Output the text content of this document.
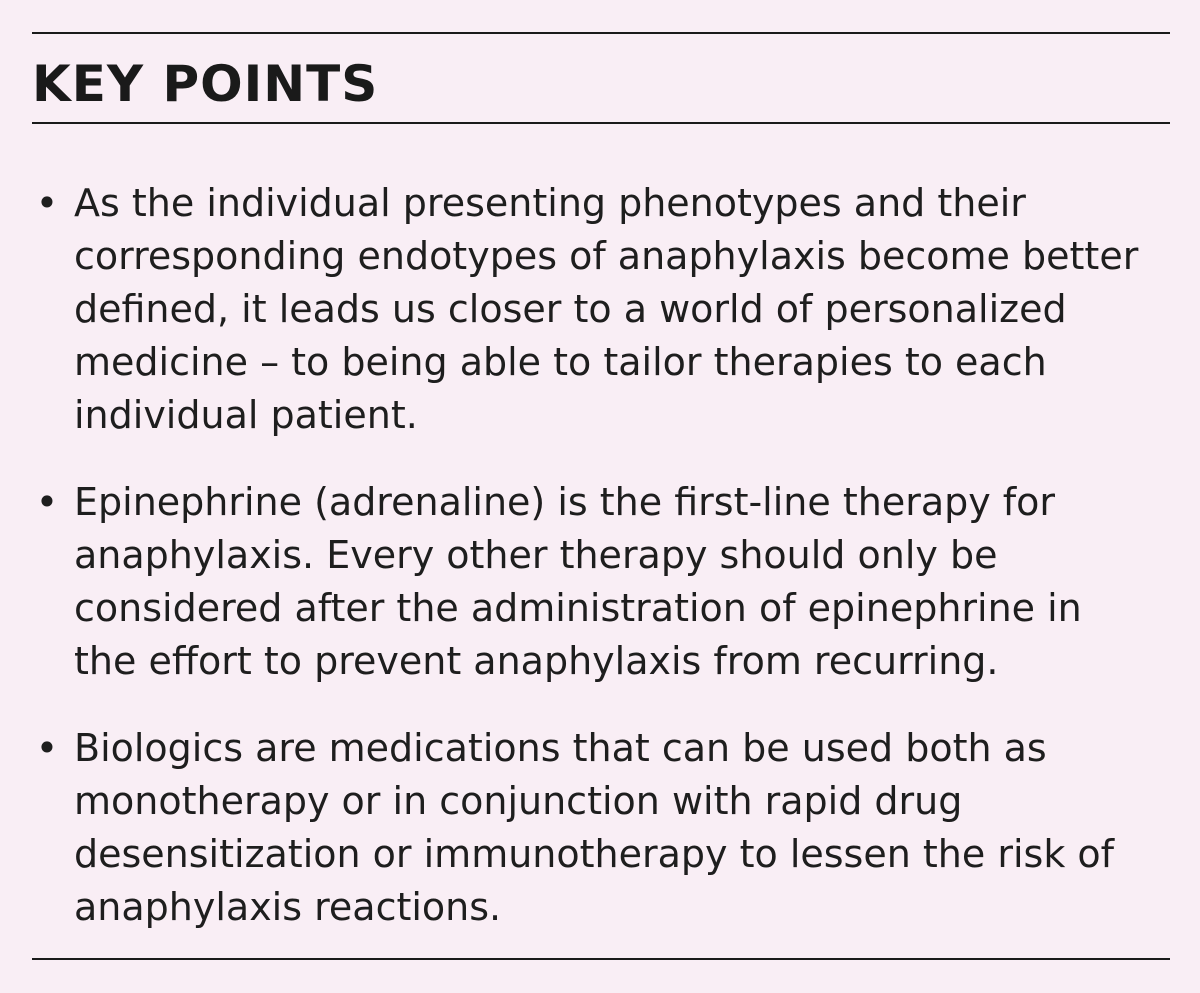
KEY POINTS
• As the individual presenting phenotypes and their
corresponding endotypes of anaphylaxis become better
defined, it leads us closer to a world of personalized
medicine – to being able to tailor therapies to each
individual patient.
• Epinephrine (adrenaline) is the first-line therapy for
anaphylaxis. Every other therapy should only be
considered after the administration of epinephrine in
the effort to prevent anaphylaxis from recurring.
• Biologics are medications that can be used both as
monotherapy or in conjunction with rapid drug
desensitization or immunotherapy to lessen the risk of
anaphylaxis reactions.
